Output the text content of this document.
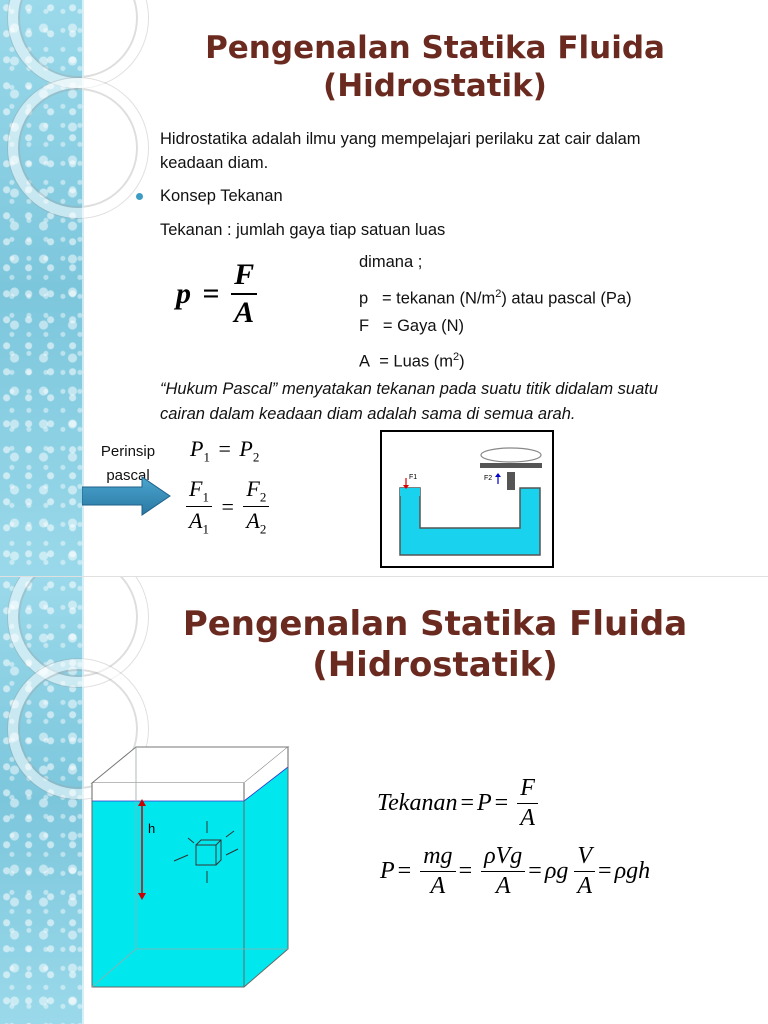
Pengenalan Statika Fluida
(Hidrostatik)
Hidrostatika adalah ilmu yang mempelajari perilaku zat cair dalam
keadaan diam.
Konsep Tekanan
Tekanan : jumlah gaya tiap satuan luas
$p = \frac{F}{A}$	dimana ;
p = tekanan $(N/m^2)$ atau pascal (Pa)
F = Gaya (N)
A  = Luas $(m^2)$
“Hukum Pascal” menyatakan tekanan pada suatu titik didalam suatu
cairan dalam keadaan diam adalah sama di semua arah.
Perinsip
pascal
$P_1 = P_2$
$\frac{F_1}{A_1} = \frac{F_2}{A_2}$	F1	F2
Pengenalan Statika Fluida
(Hidrostatik)
h
Tekanan = $P = \frac{F}{A}$
$P = \frac{mg}{A} = \frac{\text{ρVg}}{A} = \rho g \frac{V}{A} = \rho gh$
